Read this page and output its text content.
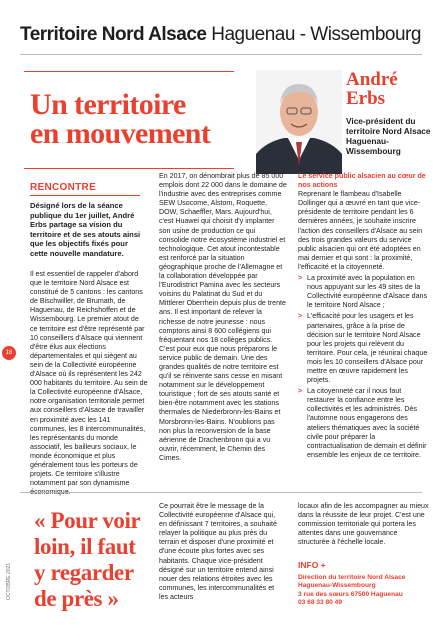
Territoire Nord Alsace Haguenau - Wissembourg
Un territoire
en mouvement
André
Erbs
Vice-président du territoire Nord Alsace Haguenau-Wissembourg
RENCONTRE
Désigné lors de la séance publique du 1er juillet, André Erbs partage sa vision du territoire et de ses atouts ainsi que les objectifs fixés pour cette nouvelle mandature.

Il est essentiel de rappeler d'abord que le territoire Nord Alsace est constitué de 5 cantons : les cantons de Bischwiller, de Brumath, de Haguenau, de Reichshoffen et de Wissembourg. Le premier atout de ce territoire est d'être représenté par 10 conseillers d'Alsace qui viennent d'être élus aux élections départementales et qui siègent au sein de la Collectivité européenne d'Alsace où ils représentent les 242 000 habitants du territoire. Au sein de la Collectivité européenne d'Alsace, notre organisation territoriale permet aux conseillers d'Alsace de travailler en proximité avec les 141 communes, les 8 intercommunalités, les représentants du monde associatif, les bailleurs sociaux, le monde économique et plus généralement tous les porteurs de projets. Ce territoire s'illustre notamment par son dynamisme

En 2017, on dénombrait plus de 85 000 emplois dont 22 000 dans le domaine de l'industrie avec des entreprises comme SEW Usocome, Alstom, Roquette, DOW, Schaeffler, Mars. Aujourd'hui, c'est Huawei qui choisit d'y implanter son usine de production ce qui consolide notre écosystème industriel et technologique. Cet atout incontestable est renforcé par la situation géographique proche de l'Allemagne et la collaboration développée par l'Eurodistrict Pamina avec les secteurs voisins du Palatinat du Sud et du Mittlerer Oberrhein depuis plus de trente ans. Il est important de relever la richesse de notre jeunesse : nous comptons ainsi 8 600 collégiens qui fréquentant nos 18 collèges publics. C'est pour eux que nous préparons le service public de demain. Une des grandes qualités de notre territoire est qu'il se réinvente sans cesse en misant notamment sur le développement touristique ; fort de ses atouts santé et bien-être notamment avec les stations thermales de Niederbronn-les-Bains et Morsbronn-les-Bains. N'oublions pas non plus la reconversion de la base aérienne de Drachenbronn qui a vu ouvrir, récemment, le Chemin des Cimes.

Le service public alsacien au cœur de nos actions

Reprenant le flambeau d'Isabelle Dollinger qui a œuvré en tant que vice-présidente de territoire pendant les 6 dernières années, je souhaite inscrire l'action des conseillers d'Alsace au sein des trois grandes valeurs du service public alsacien qui ont été adoptées en mai dernier et qui sont : la proximité, l'efficacité et la citoyenneté.

> La proximité avec la population en nous appuyant sur les 49 sites de la Collectivité européenne d'Alsace dans le territoire Nord Alsace ;
> L'efficacité pour les usagers et les partenaires, grâce à la prise de décision sur le territoire Nord Alsace pour les projets qui relèvent du territoire. Pour cela, je réunirai chaque mois les 10 conseillers d'Alsace pour mettre en œuvre rapidement les projets.
> La citoyenneté car il nous faut restaurer la confiance entre les collectivités et les administrés. Dès l'automne nous engagerons des ateliers thématiques avec la société civile pour préparer la contractualisation de demain et définir ensemble les enjeux de ce territoire.
18
« Pour voir
loin, il faut
y regarder
de près »
Ce pourrait être le message de la Collectivité européenne d'Alsace qui, en définissant 7 territoires, a souhaité relayer la politique au plus près du terrain et disposer d'une proximité et d'une écoute plus fortes avec ses habitants. Chaque vice-président désigné sur un territoire entend ainsi nouer des relations étroites avec les communes, les intercommunalités et les acteurs
locaux afin de les accompagner au mieux dans la réussite de leur projet. C'est une commission territoriale qui portera les attentes dans une gouvernance structurée à l'échelle locale.
INFO +
Direction du territoire Nord Alsace
Haguenau-Wissembourg
3 rue des sœurs 67500 Haguenau
03 68 33 80 49
OCTOBRE 2021
